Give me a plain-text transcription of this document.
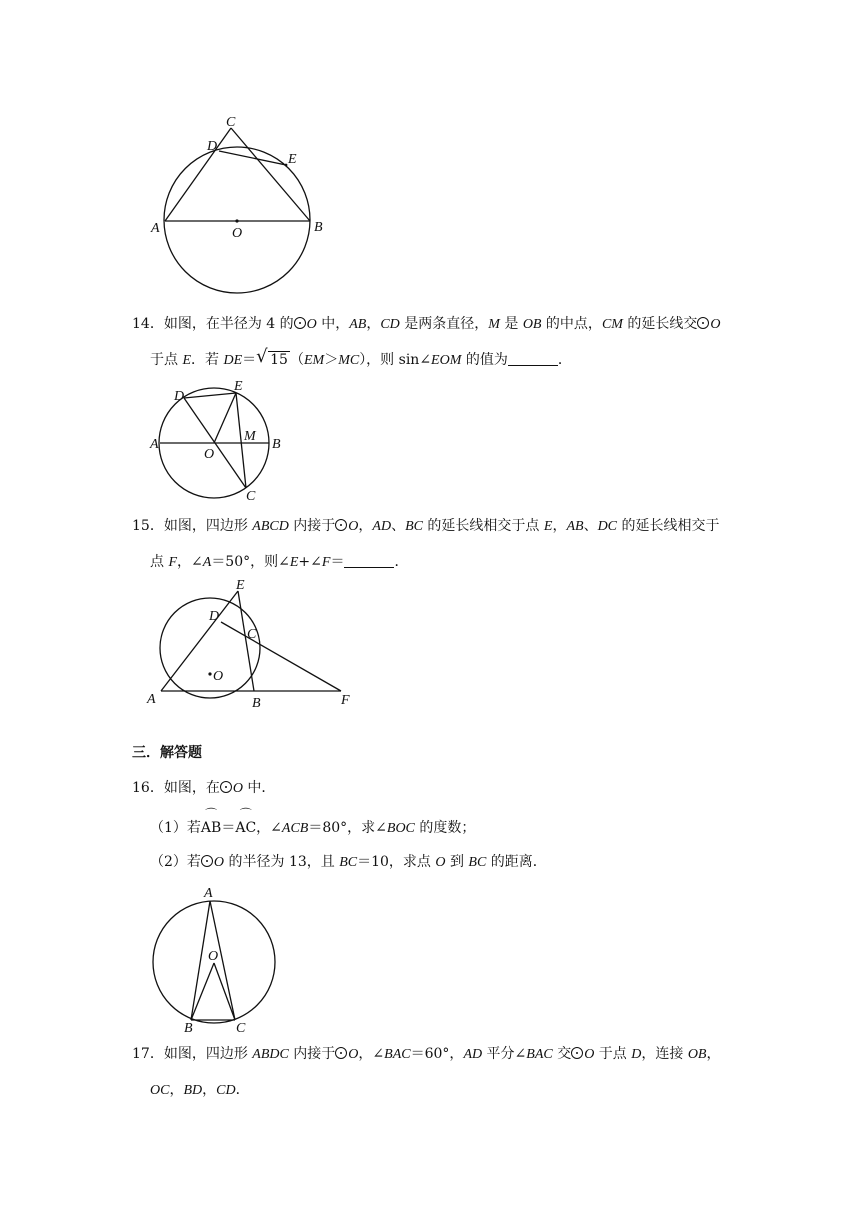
C
D
E
A	O	B
14．如图，在半径为 4 的 O 中，AB，CD 是两条直径，M 是 OB 的中点，CM 的延长线交 O
于点 E．若 DE＝ √ 15 （EM＞MC），则 sin∠EOM 的值为	．
D
E
A
O
M
B
C
15．如图，四边形 ABCD 内接于 O，AD、BC 的延长线相交于点 E，AB、DC 的延长线相交于
点 F，∠A＝50°，则∠E+∠F＝	．
E
D
C
O
A	B	F
三．解答题
16．如图，在 O 中．
（1）若
⌒
AB＝
⌒
AC，∠ACB＝80°，求∠BOC 的度数；
（2）若 O 的半径为 13，且 BC＝10，求点 O 到 BC 的距离．
A
O
B	C
17．如图，四边形 ABDC 内接于 O，∠BAC＝60°，AD 平分∠BAC 交 O 于点 D，连接 OB，
OC，BD，CD．
